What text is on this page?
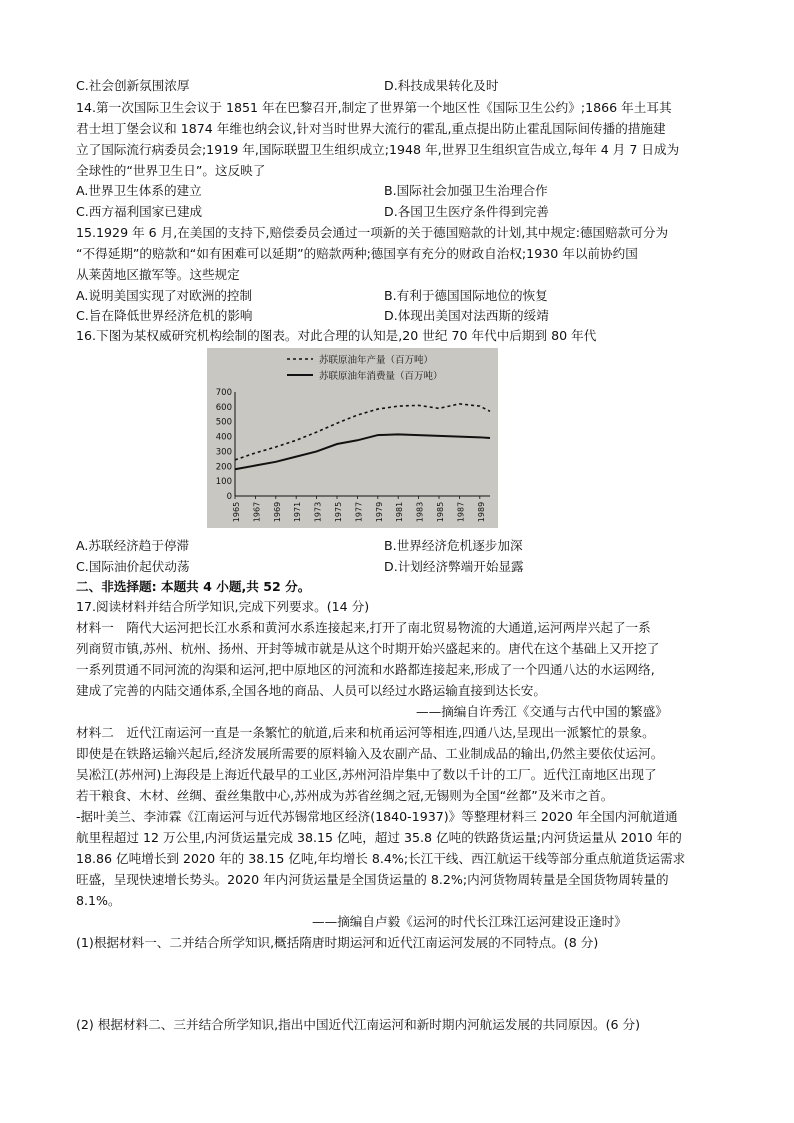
C.社会创新氛围浓厚	D.科技成果转化及时
14.第一次国际卫生会议于 1851 年在巴黎召开,制定了世界第一个地区性《国际卫生公约》;1866 年土耳其
君士坦丁堡会议和 1874 年维也纳会议,针对当时世界大流行的霍乱,重点提出防止霍乱国际间传播的措施建
立了国际流行病委员会;1919 年,国际联盟卫生组织成立;1948 年,世界卫生组织宣告成立,每年 4 月 7 日成为
全球性的“世界卫生日”。这反映了
A.世界卫生体系的建立	B.国际社会加强卫生治理合作
C.西方福利国家已建成	D.各国卫生医疗条件得到完善
15.1929 年 6 月,在美国的支持下,赔偿委员会通过一项新的关于德国赔款的计划,其中规定:德国赔款可分为
“不得延期”的赔款和“如有困难可以延期”的赔款两种;德国享有充分的财政自治权;1930 年以前协约国
从莱茵地区撤军等。这些规定
A.说明美国实现了对欧洲的控制	B.有利于德国国际地位的恢复
C.旨在降低世界经济危机的影响	D.体现出美国对法西斯的绥靖
16.下图为某权威研究机构绘制的图表。对此合理的认知是,20 世纪 70 年代中后期到 80 年代
苏联原油年产量（百万吨）
苏联原油年消费量（百万吨）
0
100
200
300
400
500
600
700
1965 1967 1969 1971 1973 1975 1977 1979 1981 1983 1985 1987 1989
A.苏联经济趋于停滞	B.世界经济危机逐步加深
C.国际油价起伏动荡	D.计划经济弊端开始显露
二、非选择题: 本题共 4 小题,共 52 分。
17.阅读材料并结合所学知识,完成下列要求。(14 分)
材料一　隋代大运河把长江水系和黄河水系连接起来,打开了南北贸易物流的大通道,运河两岸兴起了一系
列商贸市镇,苏州、杭州、扬州、开封等城市就是从这个时期开始兴盛起来的。唐代在这个基础上又开挖了
一系列贯通不同河流的沟渠和运河,把中原地区的河流和水路都连接起来,形成了一个四通八达的水运网络,
建成了完善的内陆交通体系,全国各地的商品、人员可以经过水路运输直接到达长安。
——摘编自许秀江《交通与古代中国的繁盛》
材料二　近代江南运河一直是一条繁忙的航道,后来和杭甬运河等相连,四通八达,呈现出一派繁忙的景象。
即使是在铁路运输兴起后,经济发展所需要的原料输入及农副产品、工业制成品的输出,仍然主要依仗运河。
吴凇江(苏州河)上海段是上海近代最早的工业区,苏州河沿岸集中了数以千计的工厂。近代江南地区出现了
若干粮食、木材、丝绸、蚕丝集散中心,苏州成为苏省丝绸之冠,无锡则为全国“丝都”及米市之首。
-据叶美兰、李沛霖《江南运河与近代苏锡常地区经济(1840-1937)》等整理材料三 2020 年全国内河航道通
航里程超过 12 万公里,内河货运量完成 38.15 亿吨，超过 35.8 亿吨的铁路货运量;内河货运量从 2010 年的
18.86 亿吨增长到 2020 年的 38.15 亿吨,年均增长 8.4%;长江干线、西江航运干线等部分重点航道货运需求
旺盛，呈现快速增长势头。2020 年内河货运量是全国货运量的 8.2%;内河货物周转量是全国货物周转量的
8.1%。
——摘编自卢毅《运河的时代长江珠江运河建设正逢时》
(1)根据材料一、二并结合所学知识,概括隋唐时期运河和近代江南运河发展的不同特点。(8 分)
(2) 根据材料二、三并结合所学知识,指出中国近代江南运河和新时期内河航运发展的共同原因。(6 分)
